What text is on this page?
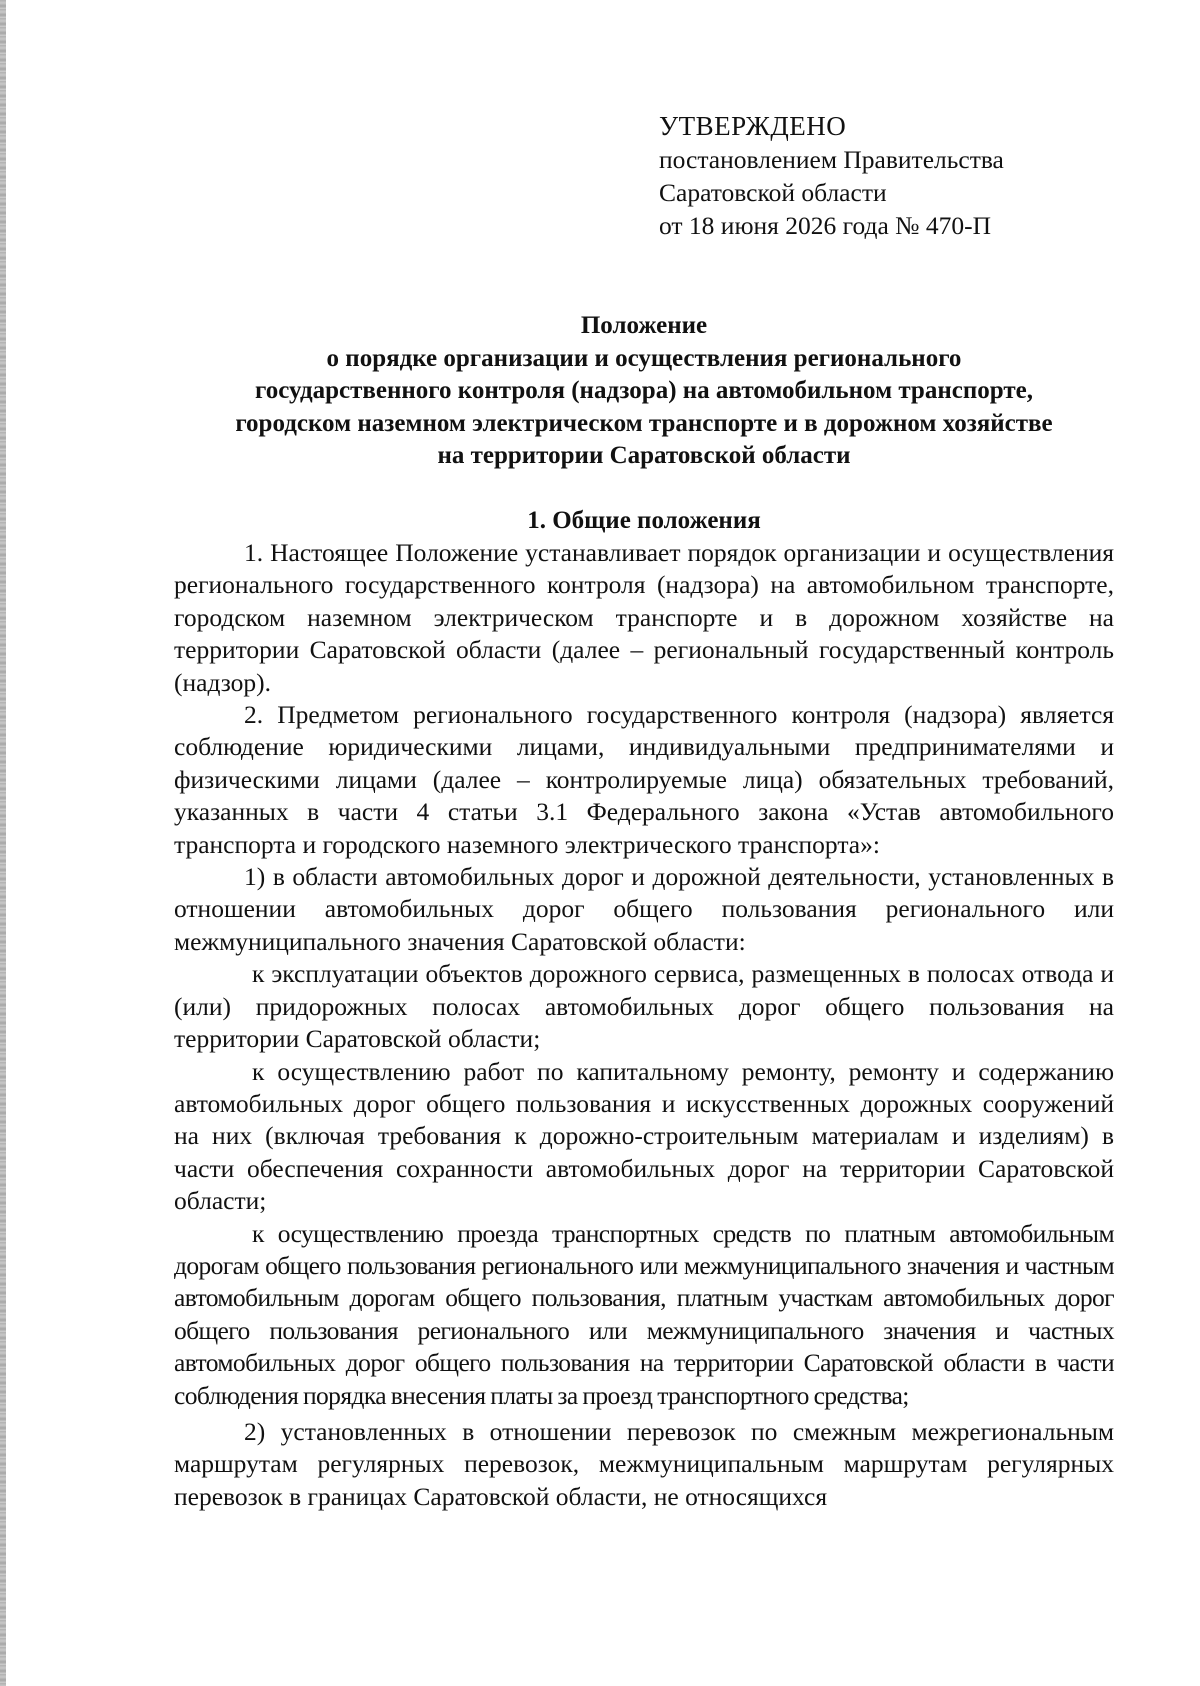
УТВЕРЖДЕНО
постановлением Правительства
Саратовской области
от 18 июня 2026 года № 470-П
Положение
о порядке организации и осуществления регионального
государственного контроля (надзора) на автомобильном транспорте,
городском наземном электрическом транспорте и в дорожном хозяйстве
на территории Саратовской области
1. Общие положения

1. Настоящее Положение устанавливает порядок организации и осуществления регионального государственного контроля (надзора) на автомобильном транспорте, городском наземном электрическом транспорте и в дорожном хозяйстве на территории Саратовской области (далее – региональный государственный контроль (надзор).

2. Предметом регионального государственного контроля (надзора) является соблюдение юридическими лицами, индивидуальными предпринимателями и физическими лицами (далее – контролируемые лица) обязательных требований, указанных в части 4 статьи 3.1 Федерального закона «Устав автомобильного транспорта и городского наземного электрического транспорта»:

1) в области автомобильных дорог и дорожной деятельности, установленных в отношении автомобильных дорог общего пользования регионального или межмуниципального значения Саратовской области:

к эксплуатации объектов дорожного сервиса, размещенных в полосах отвода и (или) придорожных полосах автомобильных дорог общего пользования на территории Саратовской области;

к осуществлению работ по капитальному ремонту, ремонту и содержанию автомобильных дорог общего пользования и искусственных дорожных сооружений на них (включая требования к дорожно-строительным материалам и изделиям) в части обеспечения сохранности автомобильных дорог на территории Саратовской области;

к осуществлению проезда транспортных средств по платным автомобильным дорогам общего пользования регионального или межмуниципального значения и частным автомобильным дорогам общего пользования, платным участкам автомобильных дорог общего пользования регионального или межмуниципального значения и частных автомобильных дорог общего пользования на территории Саратовской области в части соблюдения порядка внесения платы за проезд транспортного средства;

2) установленных в отношении перевозок по смежным межрегиональным маршрутам регулярных перевозок, межмуниципальным маршрутам регулярных перевозок в границах Саратовской области, не относящихся
